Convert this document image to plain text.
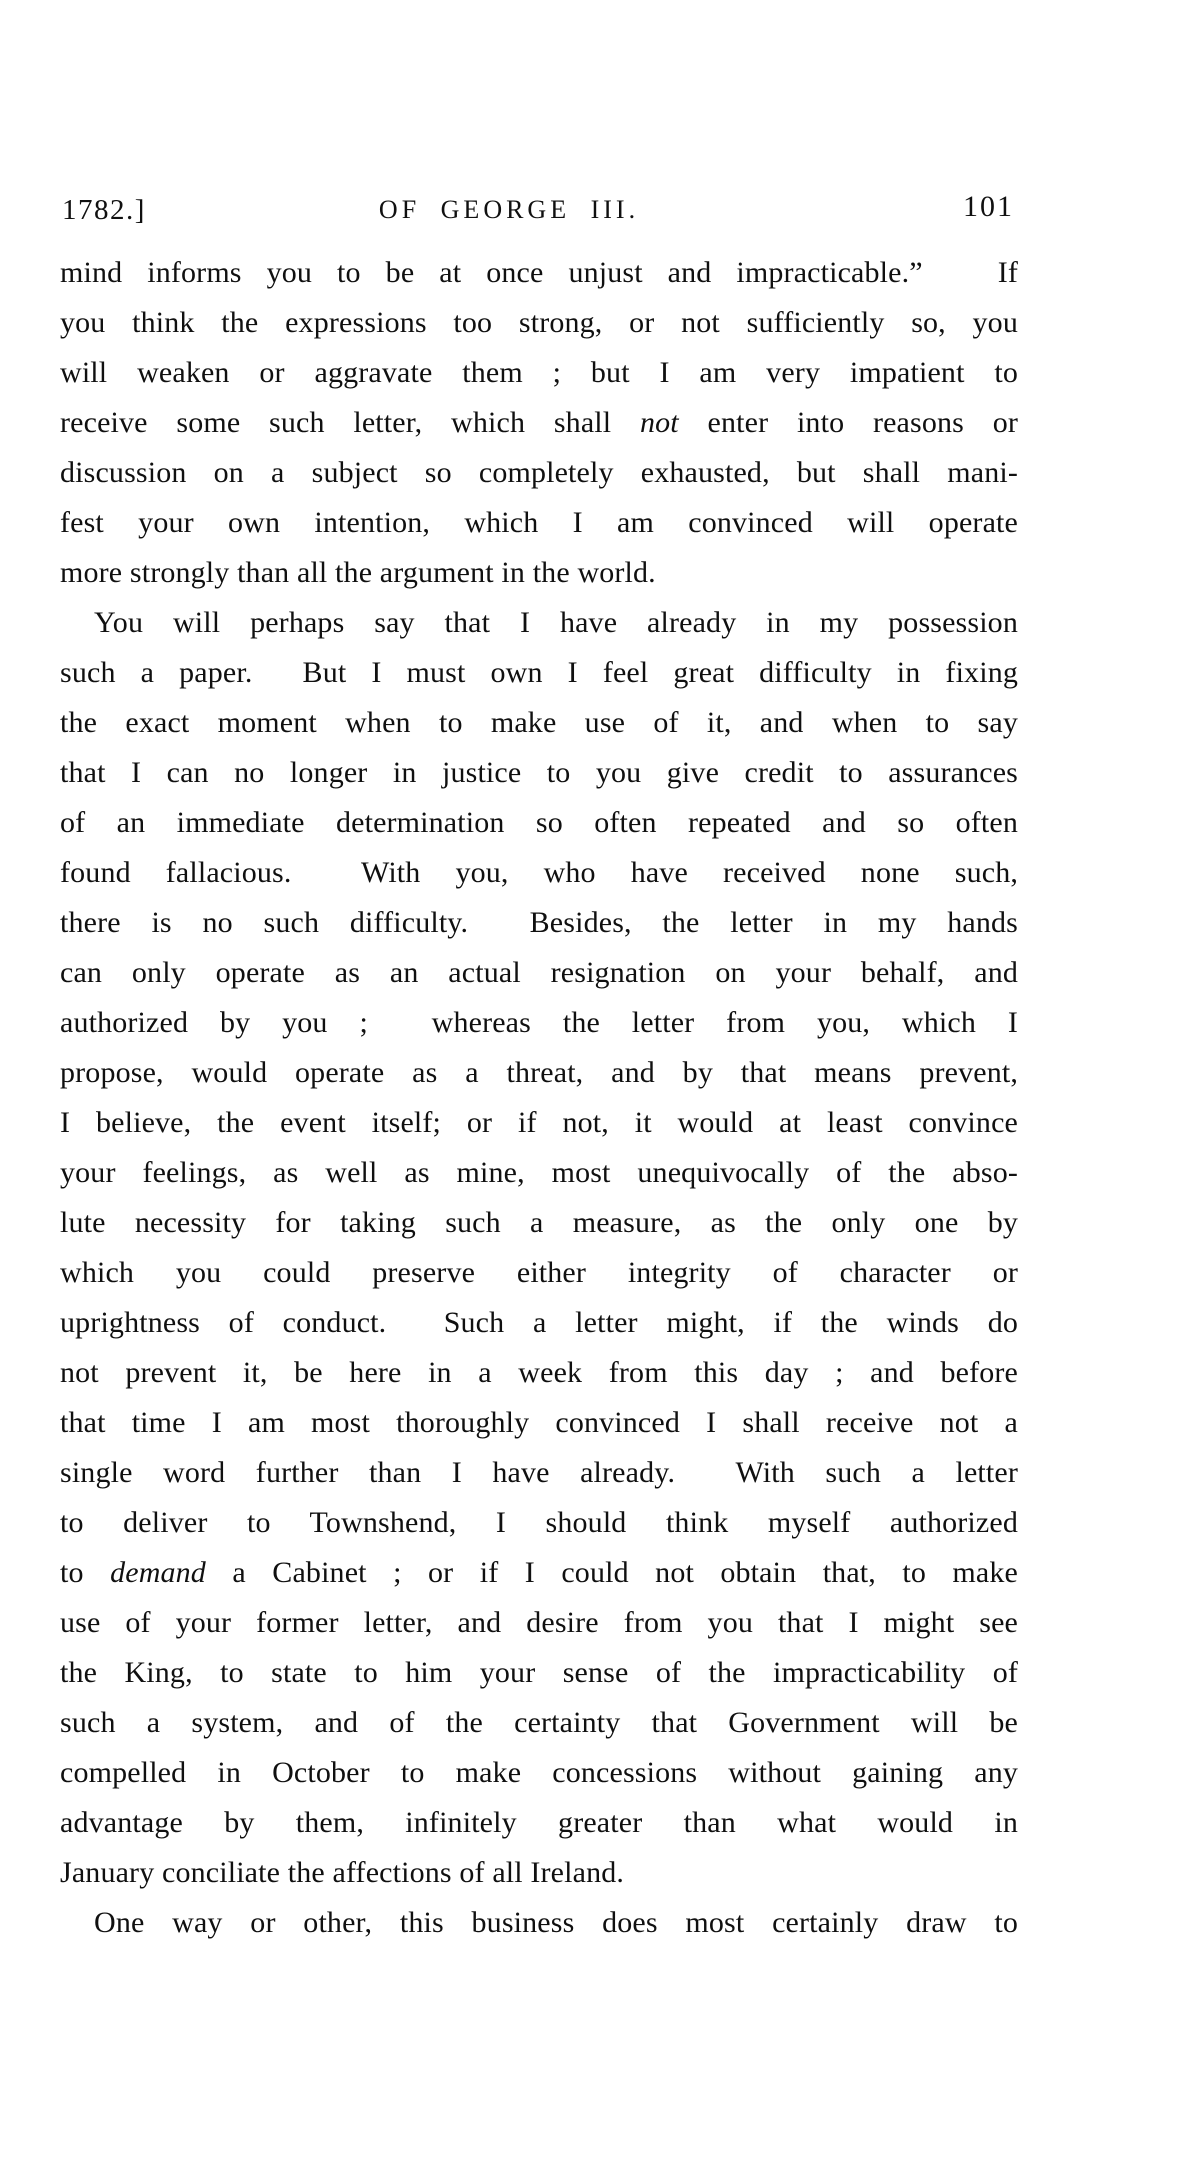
1782.]	OF GEORGE III.	101
mind informs you to be at once unjust and impracticable.”   If
you think the expressions too strong, or not sufficiently so, you
will weaken or aggravate them ; but I am very impatient to
receive some such letter, which shall not enter into reasons or
discussion on a subject so completely exhausted, but shall mani-
fest your own intention, which I am convinced will operate
more strongly than all the argument in the world.
You will perhaps say that I have already in my possession
such a paper.  But I must own I feel great difficulty in fixing
the exact moment when to make use of it, and when to say
that I can no longer in justice to you give credit to assurances
of an immediate determination so often repeated and so often
found fallacious.  With you, who have received none such,
there is no such difficulty.  Besides, the letter in my hands
can only operate as an actual resignation on your behalf, and
authorized by you ;  whereas the letter from you, which I
propose, would operate as a threat, and by that means prevent,
I believe, the event itself; or if not, it would at least convince
your feelings, as well as mine, most unequivocally of the abso-
lute necessity for taking such a measure, as the only one by
which you could preserve either integrity of character or
uprightness of conduct.  Such a letter might, if the winds do
not prevent it, be here in a week from this day ; and before
that time I am most thoroughly convinced I shall receive not a
single word further than I have already.  With such a letter
to deliver to Townshend, I should think myself authorized
to demand a Cabinet ; or if I could not obtain that, to make
use of your former letter, and desire from you that I might see
the King, to state to him your sense of the impracticability of
such a system, and of the certainty that Government will be
compelled in October to make concessions without gaining any
advantage by them, infinitely greater than what would in
January conciliate the affections of all Ireland.
One way or other, this business does most certainly draw to
